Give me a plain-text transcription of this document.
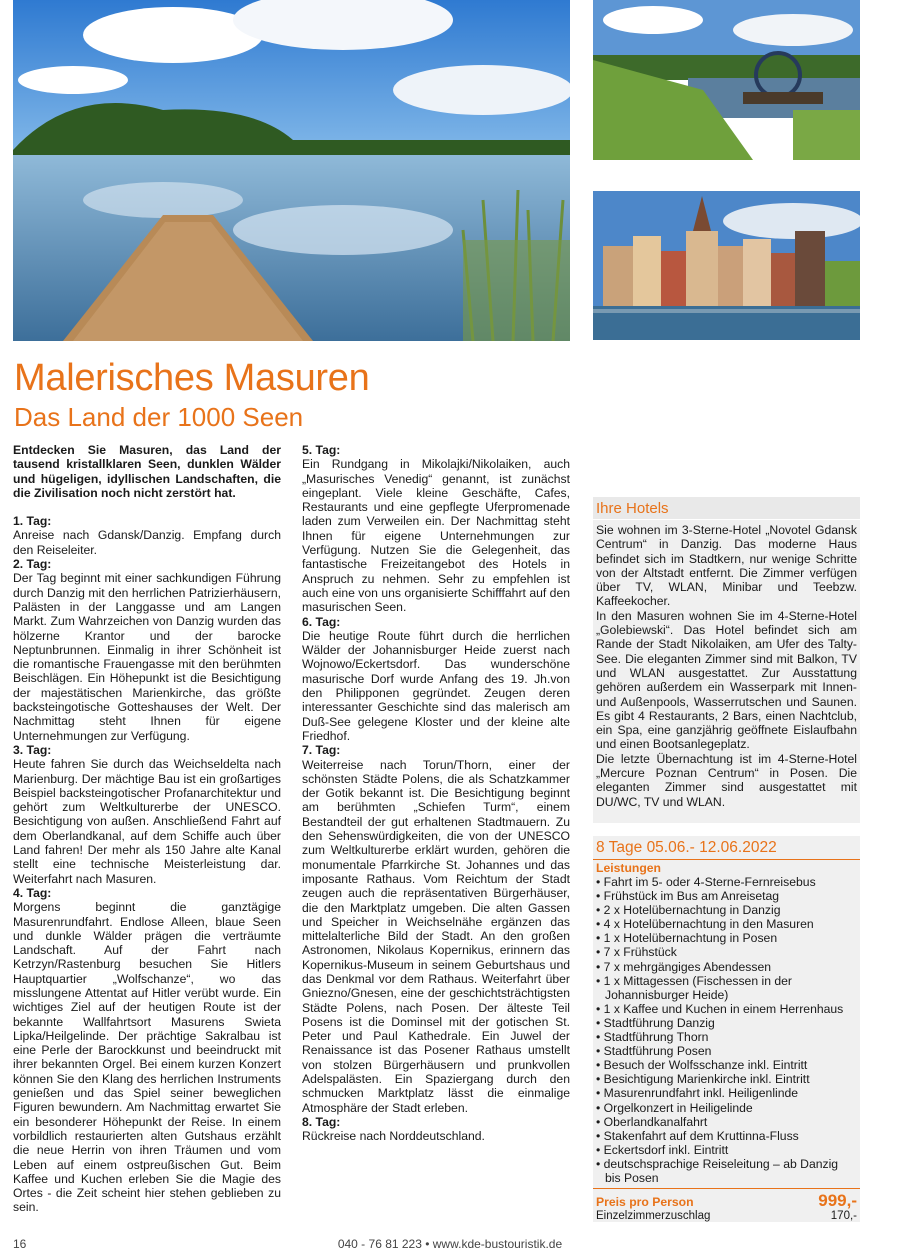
Malerisches Masuren
Das Land der 1000 Seen

Entdecken Sie Masuren, das Land der tausend kristallklaren Seen, dunklen Wälder und hügeligen, idyllischen Landschaften, die die Zivilisation noch nicht zerstört hat.

1. Tag:

Anreise nach Gdansk/Danzig. Empfang durch den Reiseleiter.

2. Tag:

Der Tag beginnt mit einer sachkundigen Führung durch Danzig mit den herrlichen Patrizierhäusern, Palästen in der Langgasse und am Langen Markt. Zum Wahrzeichen von Danzig wurden das hölzerne Krantor und der barocke Neptunbrunnen. Einmalig in ihrer Schönheit ist die romantische Frauengasse mit den berühmten Beischlägen. Ein Höhepunkt ist die Besichtigung der majestätischen Marienkirche, das größte backsteingotische Gotteshauses der Welt. Der Nachmittag steht Ihnen für eigene Unternehmungen zur Verfügung.

3. Tag:

Heute fahren Sie durch das Weichseldelta nach Marienburg. Der mächtige Bau ist ein großartiges Beispiel backsteingotischer Profanarchitektur und gehört zum Weltkulturerbe der UNESCO. Besichtigung von außen. Anschließend Fahrt auf dem Oberlandkanal, auf dem Schiffe auch über Land fahren! Der mehr als 150 Jahre alte Kanal stellt eine technische Meisterleistung dar. Weiterfahrt nach Masuren.

4. Tag:

Morgens beginnt die ganztägige Masurenrundfahrt. Endlose Alleen, blaue Seen und dunkle Wälder prägen die verträumte Landschaft. Auf der Fahrt nach Ketrzyn/Rastenburg besuchen Sie Hitlers Hauptquartier „Wolfschanze“, wo das misslungene Attentat auf Hitler verübt wurde. Ein wichtiges Ziel auf der heutigen Route ist der bekannte Wallfahrtsort Masurens Swieta Lipka/Heilgelinde. Der prächtige Sakralbau ist eine Perle der Barockkunst und beeindruckt mit ihrer bekannten Orgel. Bei einem kurzen Konzert können Sie den Klang des herrlichen Instruments genießen und das Spiel seiner beweglichen Figuren bewundern. Am Nachmittag erwartet Sie ein besonderer Höhepunkt der Reise. In einem vorbildlich restaurierten alten Gutshaus erzählt die neue Herrin von ihren Träumen und vom Leben auf einem ostpreußischen Gut. Beim Kaffee und Kuchen erleben Sie die Magie des Ortes - die Zeit scheint hier stehen geblieben zu sein.

5. Tag:

Ein Rundgang in Mikolajki/Nikolaiken, auch „Masurisches Venedig“ genannt, ist zunächst eingeplant. Viele kleine Geschäfte, Cafes, Restaurants und eine gepflegte Uferpromenade laden zum Verweilen ein. Der Nachmittag steht Ihnen für eigene Unternehmungen zur Verfügung. Nutzen Sie die Gelegenheit, das fantastische Freizeitangebot des Hotels in Anspruch zu nehmen. Sehr zu empfehlen ist auch eine von uns organisierte Schifffahrt auf den masurischen Seen.

6. Tag:

Die heutige Route führt durch die herrlichen Wälder der Johannisburger Heide zuerst nach Wojnowo/Eckertsdorf. Das wunderschöne masurische Dorf wurde Anfang des 19. Jh.von den Philipponen gegründet. Zeugen deren interessanter Geschichte sind das malerisch am Duß-See gelegene Kloster und der kleine alte Friedhof.

7. Tag:

Weiterreise nach Torun/Thorn, einer der schönsten Städte Polens, die als Schatzkammer der Gotik bekannt ist. Die Besichtigung beginnt am berühmten „Schiefen Turm“, einem Bestandteil der gut erhaltenen Stadtmauern. Zu den Sehenswürdigkeiten, die von der UNESCO zum Weltkulturerbe erklärt wurden, gehören die monumentale Pfarrkirche St. Johannes und das imposante Rathaus. Vom Reichtum der Stadt zeugen auch die repräsentativen Bürgerhäuser, die den Marktplatz umgeben. Die alten Gassen und Speicher in Weichselnähe ergänzen das mittelalterliche Bild der Stadt. An den großen Astronomen, Nikolaus Kopernikus, erinnern das Kopernikus-Museum in seinem Geburtshaus und das Denkmal vor dem Rathaus. Weiterfahrt über Gniezno/Gnesen, eine der geschichtsträchtigsten Städte Polens, nach Posen. Der älteste Teil Posens ist die Dominsel mit der gotischen St. Peter und Paul Kathedrale. Ein Juwel der Renaissance ist das Posener Rathaus umstellt von stolzen Bürgerhäusern und prunkvollen Adelspalästen. Ein Spaziergang durch den schmucken Marktplatz lässt die einmalige Atmosphäre der Stadt erleben.

8. Tag:

Rückreise nach Norddeutschland.

Ihre Hotels

Sie wohnen im 3-Sterne-Hotel „Novotel Gdansk Centrum“ in Danzig. Das moderne Haus befindet sich im Stadtkern, nur wenige Schritte von der Altstadt entfernt. Die Zimmer verfügen über TV, WLAN, Minibar und Teebzw. Kaffeekocher.

In den Masuren wohnen Sie im 4-Sterne-Hotel „Golebiewski“. Das Hotel befindet sich am Rande der Stadt Nikolaiken, am Ufer des Talty-See. Die eleganten Zimmer sind mit Balkon, TV und WLAN ausgestattet. Zur Ausstattung gehören außerdem ein Wasserpark mit Innen- und Außenpools, Wasserrutschen und Saunen. Es gibt 4 Restaurants, 2 Bars, einen Nachtclub, ein Spa, eine ganzjährig geöffnete Eislaufbahn und einen Bootsanlegeplatz.

Die letzte Übernachtung ist im 4-Sterne-Hotel „Mercure Poznan Centrum“ in Posen. Die eleganten Zimmer sind ausgestattet mit DU/WC, TV und WLAN.

8 Tage 05.06.- 12.06.2022
Leistungen
• Fahrt im 5- oder 4-Sterne-Fernreisebus
• Frühstück im Bus am Anreisetag
• 2 x Hotelübernachtung in Danzig
• 4 x Hotelübernachtung in den Masuren
• 1 x Hotelübernachtung in Posen
• 7 x Frühstück
• 7 x mehrgängiges Abendessen
• 1 x Mittagessen (Fischessen in der Johannisburger Heide)
• 1 x Kaffee und Kuchen in einem Herrenhaus
• Stadtführung Danzig
• Stadtführung Thorn
• Stadtführung Posen
• Besuch der Wolfsschanze inkl. Eintritt
• Besichtigung Marienkirche inkl. Eintritt
• Masurenrundfahrt inkl. Heiligenlinde
• Orgelkonzert in Heiligelinde
• Oberlandkanalfahrt
• Stakenfahrt auf dem Kruttinna-Fluss
• Eckertsdorf inkl. Eintritt
• deutschsprachige Reiseleitung – ab Danzig bis Posen
Preis pro Person	999,-
Einzelzimmerzuschlag	170,-
16	040 - 76 81 223 • www.kde-bustouristik.de
